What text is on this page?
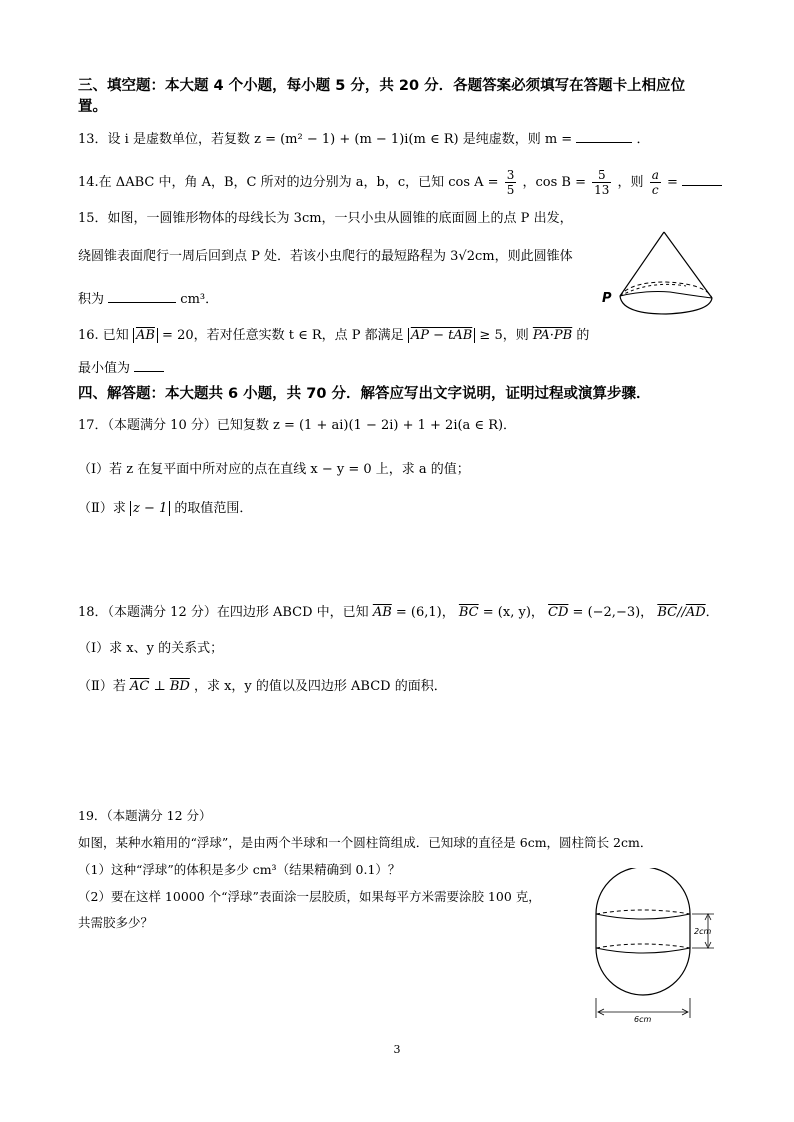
三、填空题：本大题 4 个小题，每小题 5 分，共 20 分．各题答案必须填写在答题卡上相应位
置。
13．设 i 是虚数单位，若复数 z = (m² − 1) + (m − 1)i(m ∈ R) 是纯虚数，则 m =	．
14.在 ΔABC 中，角 A，B，C 所对的边分别为 a，b，c，已知 $\cos A = \frac{3}{5}$ ，$\cos B = \frac{5}{13}$ ，则 $\frac{a}{c}$ =
15．如图，一圆锥形物体的母线长为 3cm，一只小虫从圆锥的底面圆上的点 P 出发，
绕圆锥表面爬行一周后回到点 P 处．若该小虫爬行的最短路程为 3√2cm，则此圆锥体
积为	cm³．	P
16. 已知 $\overline{AB} = 20$，若对任意实数 t ∈ R，点 P 都满足 AP − tAB ≥ 5，则 PA·PB 的
最小值为
四、解答题：本大题共 6 小题，共 70 分．解答应写出文字说明，证明过程或演算步骤．
17．（本题满分 10 分）已知复数 z = (1 + ai)(1 − 2i) + 1 + 2i(a ∈ R)．
（Ⅰ）若 z 在复平面中所对应的点在直线 x − y = 0 上，求 a 的值；
（Ⅱ）求 z − 1 的取值范围．
18．（本题满分 12 分）在四边形 ABCD 中，已知 $\overline{AB} = (6,1)$， $\overline{BC} = (x$, y)， $\overline{CD} = (-2,-3)$， $\overline{BC}//\overline{AD}$．
（Ⅰ）求 x、y 的关系式；
（Ⅱ）若 $\overline{AC}$ ⊥ $\overline{BD}$ ，求 x，y 的值以及四边形 ABCD 的面积．
19．（本题满分 12 分）
如图，某种水箱用的“浮球”，是由两个半球和一个圆柱筒组成．已知球的直径是 6cm，圆柱筒长 2cm．
（1）这种“浮球”的体积是多少 cm³（结果精确到 0.1）？
（2）要在这样 10000 个“浮球”表面涂一层胶质，如果每平方米需要涂胶 100 克，
共需胶多少？
2cm
6cm
3
